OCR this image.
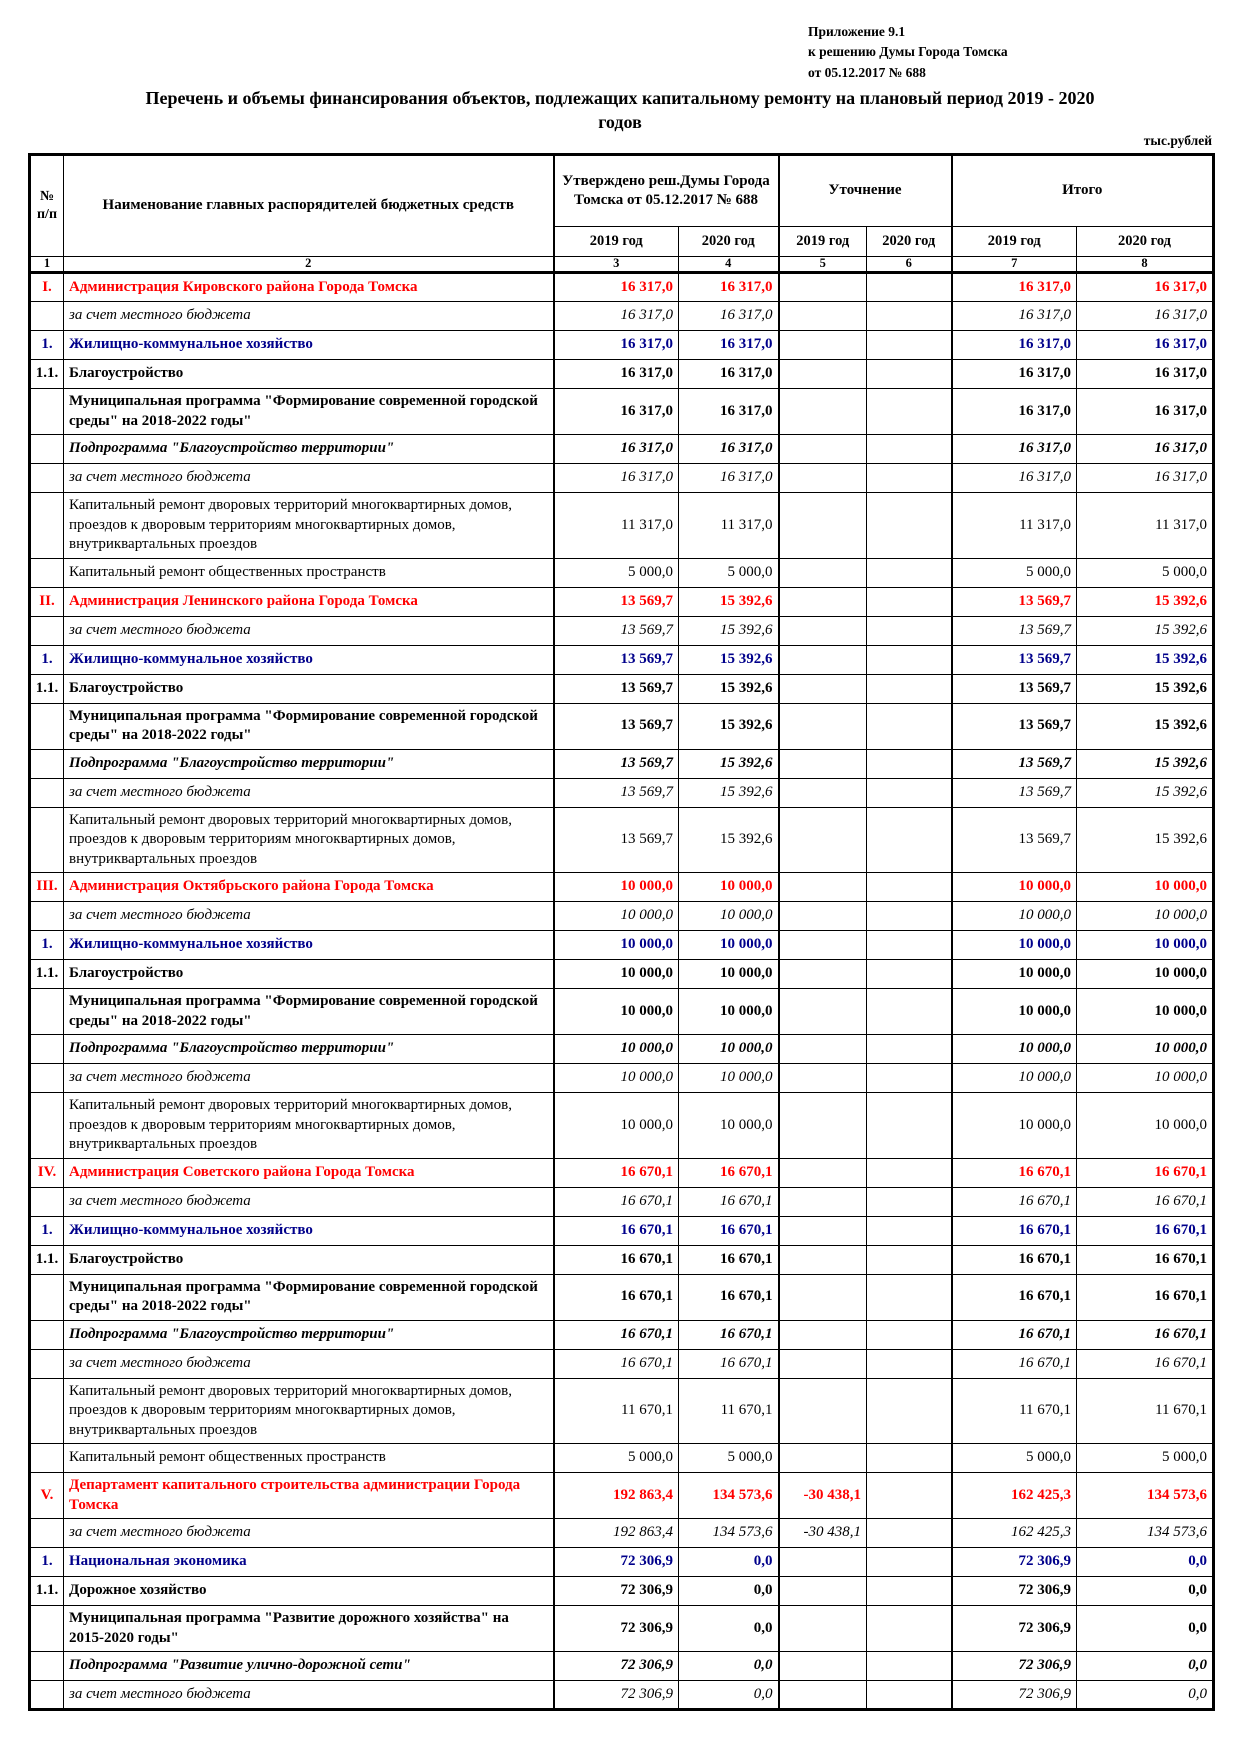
Приложение 9.1
к решению Думы Города Томска
от 05.12.2017 № 688
Перечень и объемы финансирования объектов, подлежащих капитальному ремонту на плановый период 2019 - 2020
годов
тыс.рублей
№ п/п	Наименование главных распорядителей бюджетных средств	Утверждено реш.Думы Города Томска от 05.12.2017 № 688		Уточнение		Итого	
		2019 год	2020 год	2019 год	2020 год	2019 год	2020 год
1	2	3	4	5	6	7	8
I.	Администрация Кировского района Города Томска	16 317,0	16 317,0			16 317,0	16 317,0
	за счет местного бюджета	16 317,0	16 317,0			16 317,0	16 317,0
1.	Жилищно-коммунальное хозяйство	16 317,0	16 317,0			16 317,0	16 317,0
1.1.	Благоустройство	16 317,0	16 317,0			16 317,0	16 317,0
	Муниципальная программа "Формирование современной городской среды" на 2018-2022 годы"	16 317,0	16 317,0			16 317,0	16 317,0
	Подпрограмма "Благоустройство территории"	16 317,0	16 317,0			16 317,0	16 317,0
	за счет местного бюджета	16 317,0	16 317,0			16 317,0	16 317,0
	Капитальный ремонт дворовых территорий многоквартирных домов, проездов к дворовым территориям многоквартирных домов, внутриквартальных проездов	11 317,0	11 317,0			11 317,0	11 317,0
	Капитальный ремонт общественных пространств	5 000,0	5 000,0			5 000,0	5 000,0
II.	Администрация Ленинского района Города Томска	13 569,7	15 392,6			13 569,7	15 392,6
	за счет местного бюджета	13 569,7	15 392,6			13 569,7	15 392,6
1.	Жилищно-коммунальное хозяйство	13 569,7	15 392,6			13 569,7	15 392,6
1.1.	Благоустройство	13 569,7	15 392,6			13 569,7	15 392,6
	Муниципальная программа "Формирование современной городской среды" на 2018-2022 годы"	13 569,7	15 392,6			13 569,7	15 392,6
	Подпрограмма "Благоустройство территории"	13 569,7	15 392,6			13 569,7	15 392,6
	за счет местного бюджета	13 569,7	15 392,6			13 569,7	15 392,6
	Капитальный ремонт дворовых территорий многоквартирных домов, проездов к дворовым территориям многоквартирных домов, внутриквартальных проездов	13 569,7	15 392,6			13 569,7	15 392,6
III.	Администрация Октябрьского района Города Томска	10 000,0	10 000,0			10 000,0	10 000,0
	за счет местного бюджета	10 000,0	10 000,0			10 000,0	10 000,0
1.	Жилищно-коммунальное хозяйство	10 000,0	10 000,0			10 000,0	10 000,0
1.1.	Благоустройство	10 000,0	10 000,0			10 000,0	10 000,0
	Муниципальная программа "Формирование современной городской среды" на 2018-2022 годы"	10 000,0	10 000,0			10 000,0	10 000,0
	Подпрограмма "Благоустройство территории"	10 000,0	10 000,0			10 000,0	10 000,0
	за счет местного бюджета	10 000,0	10 000,0			10 000,0	10 000,0
	Капитальный ремонт дворовых территорий многоквартирных домов, проездов к дворовым территориям многоквартирных домов, внутриквартальных проездов	10 000,0	10 000,0			10 000,0	10 000,0
IV.	Администрация Советского района Города Томска	16 670,1	16 670,1			16 670,1	16 670,1
	за счет местного бюджета	16 670,1	16 670,1			16 670,1	16 670,1
1.	Жилищно-коммунальное хозяйство	16 670,1	16 670,1			16 670,1	16 670,1
1.1.	Благоустройство	16 670,1	16 670,1			16 670,1	16 670,1
	Муниципальная программа "Формирование современной городской среды" на 2018-2022 годы"	16 670,1	16 670,1			16 670,1	16 670,1
	Подпрограмма "Благоустройство территории"	16 670,1	16 670,1			16 670,1	16 670,1
	за счет местного бюджета	16 670,1	16 670,1			16 670,1	16 670,1
	Капитальный ремонт дворовых территорий многоквартирных домов, проездов к дворовым территориям многоквартирных домов, внутриквартальных проездов	11 670,1	11 670,1			11 670,1	11 670,1
	Капитальный ремонт общественных пространств	5 000,0	5 000,0			5 000,0	5 000,0
V.	Департамент капитального строительства администрации Города Томска	192 863,4	134 573,6	-30 438,1		162 425,3	134 573,6
	за счет местного бюджета	192 863,4	134 573,6	-30 438,1		162 425,3	134 573,6
1.	Национальная экономика	72 306,9	0,0			72 306,9	0,0
1.1.	Дорожное хозяйство	72 306,9	0,0			72 306,9	0,0
	Муниципальная программа "Развитие дорожного хозяйства" на 2015-2020 годы"	72 306,9	0,0			72 306,9	0,0
	Подпрограмма "Развитие улично-дорожной сети"	72 306,9	0,0			72 306,9	0,0
	за счет местного бюджета	72 306,9	0,0			72 306,9	0,0
